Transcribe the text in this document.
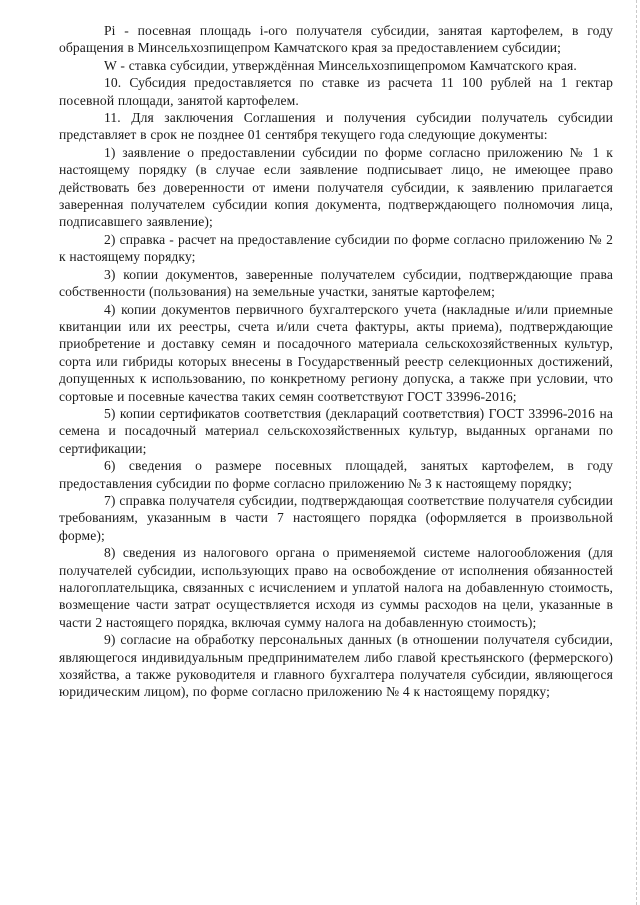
Pi - посевная площадь i-ого получателя субсидии, занятая картофелем, в году обращения в Минсельхозпищепром Камчатского края за предоставлением субсидии;

W - ставка субсидии, утверждённая Минсельхозпищепромом Камчатского края.

10. Субсидия предоставляется по ставке из расчета 11 100 рублей на 1 гектар посевной площади, занятой картофелем.

11. Для заключения Соглашения и получения субсидии получатель субсидии представляет в срок не позднее 01 сентября текущего года следующие документы:

1) заявление о предоставлении субсидии по форме согласно приложению № 1 к настоящему порядку (в случае если заявление подписывает лицо, не имеющее право действовать без доверенности от имени получателя субсидии, к заявлению прилагается заверенная получателем субсидии копия документа, подтверждающего полномочия лица, подписавшего заявление);

2) справка - расчет на предоставление субсидии по форме согласно приложению № 2 к настоящему порядку;

3) копии документов, заверенные получателем субсидии, подтверждающие права собственности (пользования) на земельные участки, занятые картофелем;

4) копии документов первичного бухгалтерского учета (накладные и/или приемные квитанции или их реестры, счета и/или счета фактуры, акты приема), подтверждающие приобретение и доставку семян и посадочного материала сельскохозяйственных культур, сорта или гибриды которых внесены в Государственный реестр селекционных достижений, допущенных к использованию, по конкретному региону допуска, а также при условии, что сортовые и посевные качества таких семян соответствуют ГОСТ 33996-2016;

5) копии сертификатов соответствия (деклараций соответствия) ГОСТ 33996-2016 на семена и посадочный материал сельскохозяйственных культур, выданных органами по сертификации;

6) сведения о размере посевных площадей, занятых картофелем, в году предоставления субсидии по форме согласно приложению № 3 к настоящему порядку;

7) справка получателя субсидии, подтверждающая соответствие получателя субсидии требованиям, указанным в части 7 настоящего порядка (оформляется в произвольной форме);

8) сведения из налогового органа о применяемой системе налогообложения (для получателей субсидии, использующих право на освобождение от исполнения обязанностей налогоплательщика, связанных с исчислением и уплатой налога на добавленную стоимость, возмещение части затрат осуществляется исходя из суммы расходов на цели, указанные в части 2 настоящего порядка, включая сумму налога на добавленную стоимость);

9) согласие на обработку персональных данных (в отношении получателя субсидии, являющегося индивидуальным предпринимателем либо главой крестьянского (фермерского) хозяйства, а также руководителя и главного бухгалтера получателя субсидии, являющегося юридическим лицом), по форме согласно приложению № 4 к настоящему порядку;
